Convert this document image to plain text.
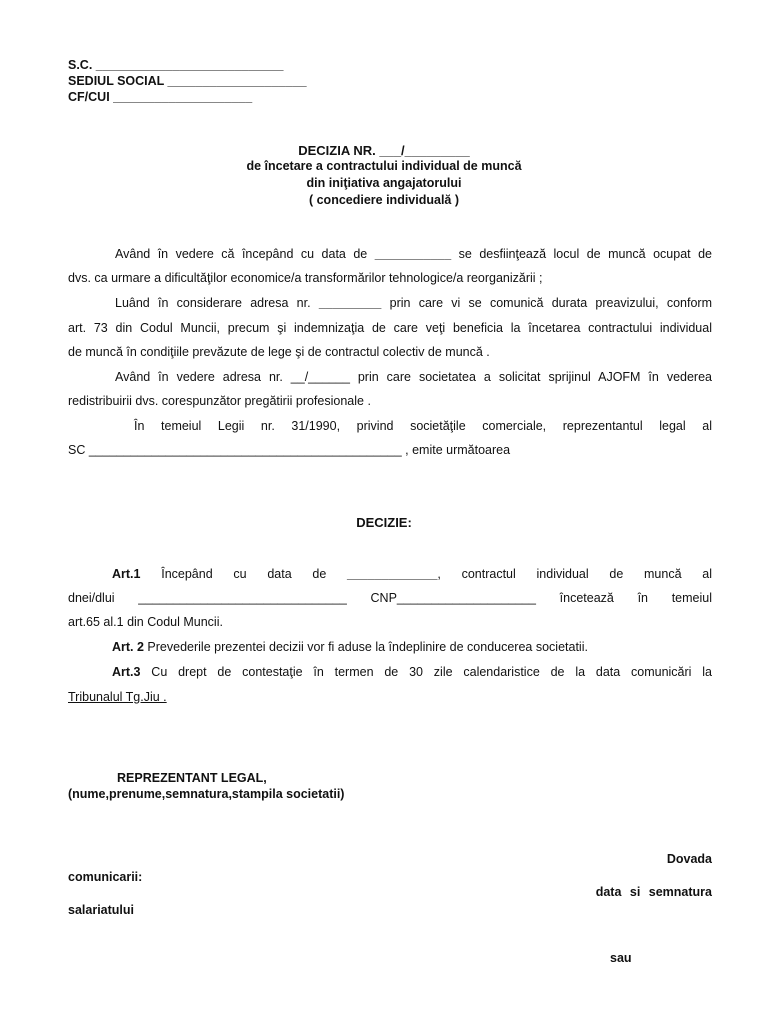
S.C. ___________________________
SEDIUL SOCIAL ____________________
CF/CUI ____________________
DECIZIA NR. ___/_________
de încetare a contractului individual de muncă
din iniţiativa angajatorului
( concediere individuală )
Având în vedere că începând cu data de ___________ se desfiinţează locul de muncă ocupat de
dvs. ca urmare a dificultăţilor economice/a transformărilor tehnologice/a reorganizării ;
Luând în considerare adresa nr. _________ prin care vi se comunică durata preavizului, conform
art. 73 din Codul Muncii, precum şi indemnizaţia de care veţi beneficia la încetarea contractului individual
de muncă în condiţiile prevăzute de lege şi de contractul colectiv de muncă .
Având în vedere adresa nr. __/______ prin care societatea a solicitat sprijinul AJOFM în vederea
redistribuirii dvs. corespunzător pregătirii profesionale .
În temeiul Legii nr. 31/1990, privind societăţile comerciale, reprezentantul legal al
SC _____________________________________________ , emite următoarea
DECIZIE:
Art.1 Începând cu data de _____________, contractul individual de muncă al
dnei/dlui ______________________________ CNP____________________ încetează în temeiul
art.65 al.1 din Codul Muncii.
Art. 2 Prevederile prezentei decizii vor fi aduse la îndeplinire de conducerea societatii.
Art.3 Cu drept de contestaţie în termen de 30 zile calendaristice de la data comunicări la
Tribunalul Tg.Jiu .
REPREZENTANT LEGAL,
(nume,prenume,semnatura,stampila societatii)
Dovada
comunicarii:
data si semnatura
salariatului
sau
